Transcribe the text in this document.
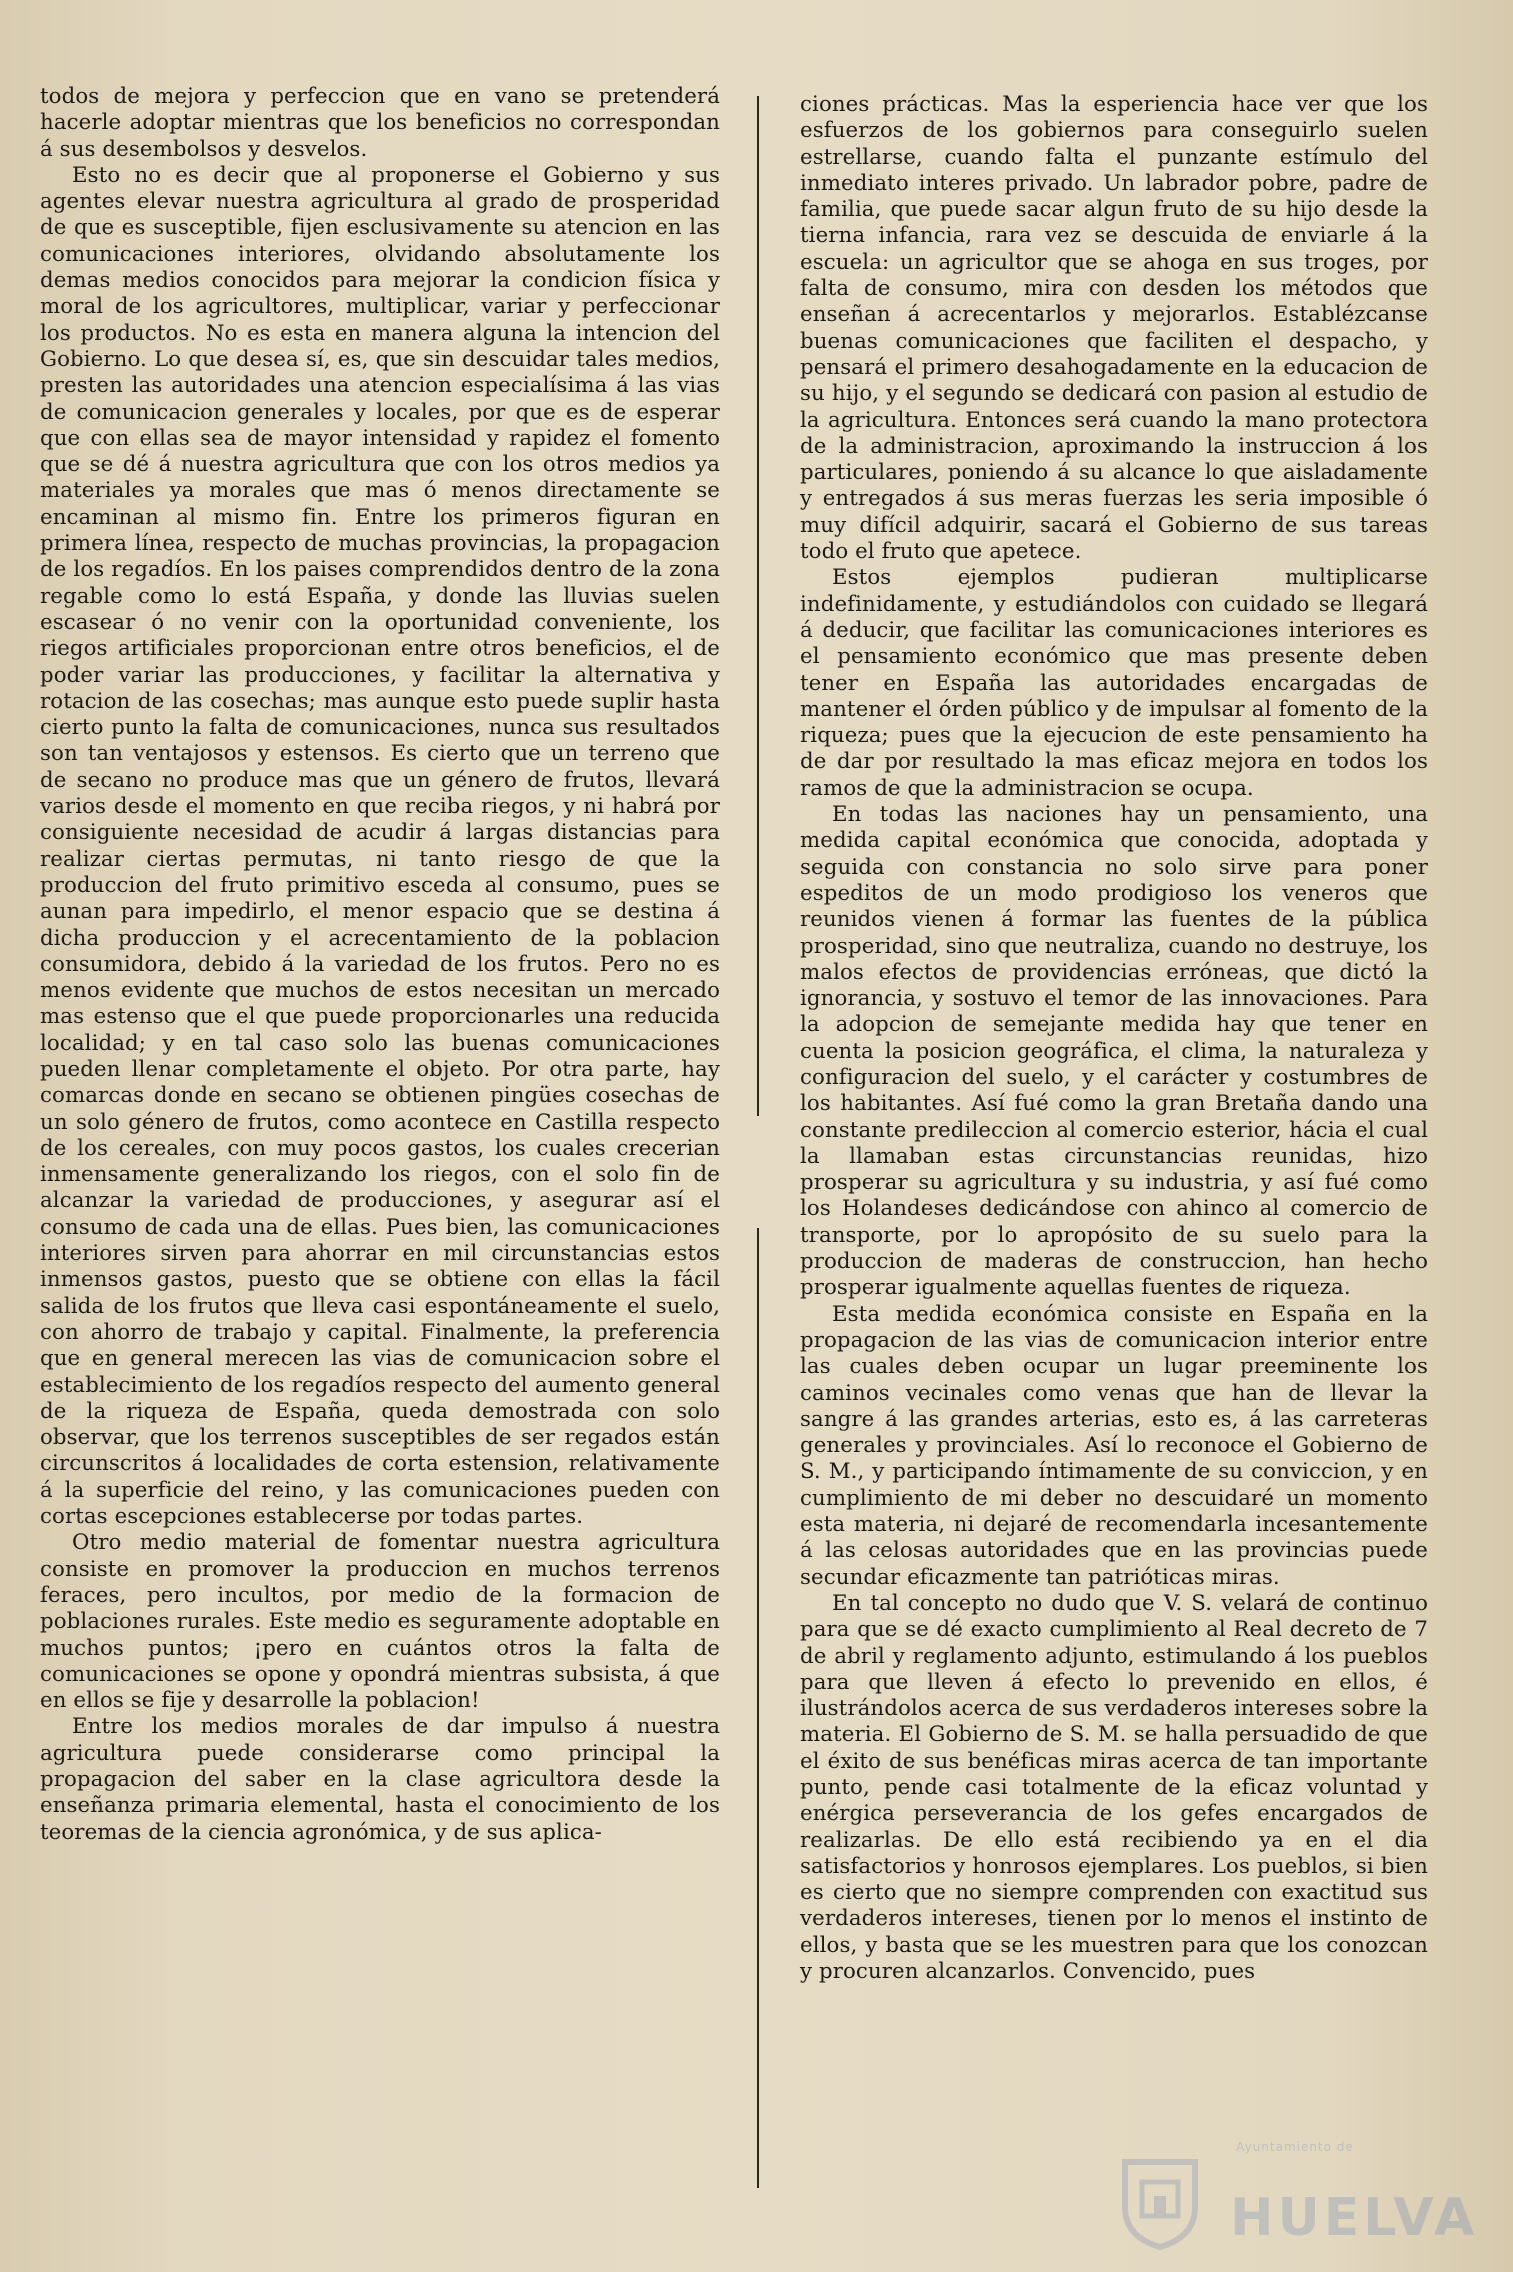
todos de mejora y perfeccion que en vano se pretenderá hacerle adoptar mientras que los beneficios no correspondan á sus desembolsos y desvelos.

Esto no es decir que al proponerse el Gobierno y sus agentes elevar nuestra agricultura al grado de prosperidad de que es susceptible, fijen esclusivamente su atencion en las comunicaciones interiores, olvidando absolutamente los demas medios conocidos para mejorar la condicion física y moral de los agricultores, multiplicar, variar y perfeccionar los productos. No es esta en manera alguna la intencion del Gobierno. Lo que desea sí, es, que sin descuidar tales medios, presten las autoridades una atencion especialísima á las vias de comunicacion generales y locales, por que es de esperar que con ellas sea de mayor intensidad y rapidez el fomento que se dé á nuestra agricultura que con los otros medios ya materiales ya morales que mas ó menos directamente se encaminan al mismo fin. Entre los primeros figuran en primera línea, respecto de muchas provincias, la propagacion de los regadíos. En los paises comprendidos dentro de la zona regable como lo está España, y donde las lluvias suelen escasear ó no venir con la oportunidad conveniente, los riegos artificiales proporcionan entre otros beneficios, el de poder variar las producciones, y facilitar la alternativa y rotacion de las cosechas; mas aunque esto puede suplir hasta cierto punto la falta de comunicaciones, nunca sus resultados son tan ventajosos y estensos. Es cierto que un terreno que de secano no produce mas que un género de frutos, llevará varios desde el momento en que reciba riegos, y ni habrá por consiguiente necesidad de acudir á largas distancias para realizar ciertas permutas, ni tanto riesgo de que la produccion del fruto primitivo esceda al consumo, pues se aunan para impedirlo, el menor espacio que se destina á dicha produccion y el acrecentamiento de la poblacion consumidora, debido á la variedad de los frutos. Pero no es menos evidente que muchos de estos necesitan un mercado mas estenso que el que puede proporcionarles una reducida localidad; y en tal caso solo las buenas comunicaciones pueden llenar completamente el objeto. Por otra parte, hay comarcas donde en secano se obtienen pingües cosechas de un solo género de frutos, como acontece en Castilla respecto de los cereales, con muy pocos gastos, los cuales crecerian inmensamente generalizando los riegos, con el solo fin de alcanzar la variedad de producciones, y asegurar así el consumo de cada una de ellas. Pues bien, las comunicaciones interiores sirven para ahorrar en mil circunstancias estos inmensos gastos, puesto que se obtiene con ellas la fácil salida de los frutos que lleva casi espontáneamente el suelo, con ahorro de trabajo y capital. Finalmente, la preferencia que en general merecen las vias de comunicacion sobre el establecimiento de los regadíos respecto del aumento general de la riqueza de España, queda demostrada con solo observar, que los terrenos susceptibles de ser regados están circunscritos á localidades de corta estension, relativamente á la superficie del reino, y las comunicaciones pueden con cortas escepciones establecerse por todas partes.

Otro medio material de fomentar nuestra agricultura consiste en promover la produccion en muchos terrenos feraces, pero incultos, por medio de la formacion de poblaciones rurales. Este medio es seguramente adoptable en muchos puntos; ¡pero en cuántos otros la falta de comunicaciones se opone y opondrá mientras subsista, á que en ellos se fije y desarrolle la poblacion!

Entre los medios morales de dar impulso á nuestra agricultura puede considerarse como principal la propagacion del saber en la clase agricultora desde la enseñanza primaria elemental, hasta el conocimiento de los teoremas de la ciencia agronómica, y de sus aplica-

ciones prácticas. Mas la esperiencia hace ver que los esfuerzos de los gobiernos para conseguirlo suelen estrellarse, cuando falta el punzante estímulo del inmediato interes privado. Un labrador pobre, padre de familia, que puede sacar algun fruto de su hijo desde la tierna infancia, rara vez se descuida de enviarle á la escuela: un agricultor que se ahoga en sus troges, por falta de consumo, mira con desden los métodos que enseñan á acrecentarlos y mejorarlos. Establézcanse buenas comunicaciones que faciliten el despacho, y pensará el primero desahogadamente en la educacion de su hijo, y el segundo se dedicará con pasion al estudio de la agricultura. Entonces será cuando la mano protectora de la administracion, aproximando la instruccion á los particulares, poniendo á su alcance lo que aisladamente y entregados á sus meras fuerzas les seria imposible ó muy difícil adquirir, sacará el Gobierno de sus tareas todo el fruto que apetece.

Estos ejemplos pudieran multiplicarse indefinidamente, y estudiándolos con cuidado se llegará á deducir, que facilitar las comunicaciones interiores es el pensamiento económico que mas presente deben tener en España las autoridades encargadas de mantener el órden público y de impulsar al fomento de la riqueza; pues que la ejecucion de este pensamiento ha de dar por resultado la mas eficaz mejora en todos los ramos de que la administracion se ocupa.

En todas las naciones hay un pensamiento, una medida capital económica que conocida, adoptada y seguida con constancia no solo sirve para poner espeditos de un modo prodigioso los veneros que reunidos vienen á formar las fuentes de la pública prosperidad, sino que neutraliza, cuando no destruye, los malos efectos de providencias erróneas, que dictó la ignorancia, y sostuvo el temor de las innovaciones. Para la adopcion de semejante medida hay que tener en cuenta la posicion geográfica, el clima, la naturaleza y configuracion del suelo, y el carácter y costumbres de los habitantes. Así fué como la gran Bretaña dando una constante predileccion al comercio esterior, hácia el cual la llamaban estas circunstancias reunidas, hizo prosperar su agricultura y su industria, y así fué como los Holandeses dedicándose con ahinco al comercio de transporte, por lo apropósito de su suelo para la produccion de maderas de construccion, han hecho prosperar igualmente aquellas fuentes de riqueza.

Esta medida económica consiste en España en la propagacion de las vias de comunicacion interior entre las cuales deben ocupar un lugar preeminente los caminos vecinales como venas que han de llevar la sangre á las grandes arterias, esto es, á las carreteras generales y provinciales. Así lo reconoce el Gobierno de S. M., y participando íntimamente de su conviccion, y en cumplimiento de mi deber no descuidaré un momento esta materia, ni dejaré de recomendarla incesantemente á las celosas autoridades que en las provincias puede secundar eficazmente tan patrióticas miras.

En tal concepto no dudo que V. S. velará de continuo para que se dé exacto cumplimiento al Real decreto de 7 de abril y reglamento adjunto, estimulando á los pueblos para que lleven á efecto lo prevenido en ellos, é ilustrándolos acerca de sus verdaderos intereses sobre la materia. El Gobierno de S. M. se halla persuadido de que el éxito de sus benéficas miras acerca de tan importante punto, pende casi totalmente de la eficaz voluntad y enérgica perseverancia de los gefes encargados de realizarlas. De ello está recibiendo ya en el dia satisfactorios y honrosos ejemplares. Los pueblos, si bien es cierto que no siempre comprenden con exactitud sus verdaderos intereses, tienen por lo menos el instinto de ellos, y basta que se les muestren para que los conozcan y procuren alcanzarlos. Convencido, pues

Ayuntamiento de
HUELVA
